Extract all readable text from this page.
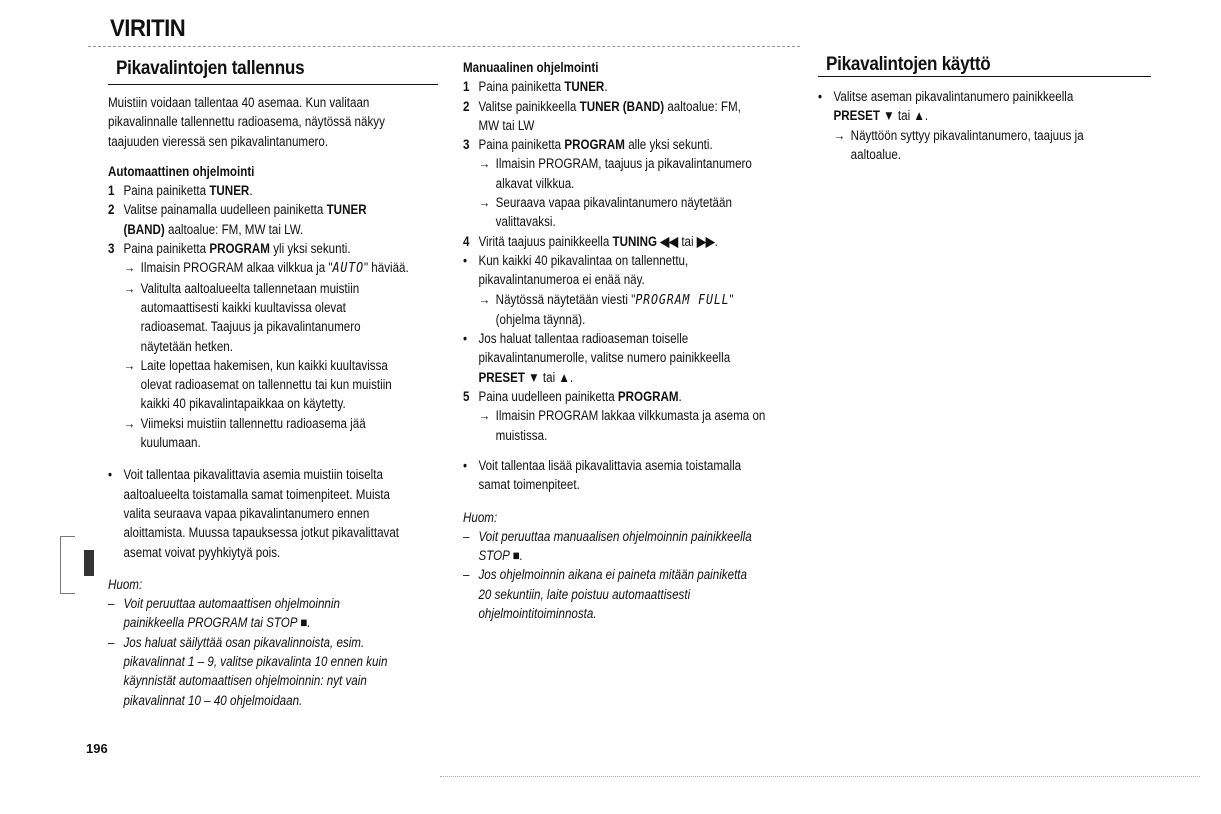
VIRITIN
Pikavalintojen tallennus

Muistiin voidaan tallentaa 40 asemaa. Kun valitaan

pikavalinnalle tallennettu radioasema, näytössä näkyy

taajuuden vieressä sen pikavalintanumero.

Automaattinen ohjelmointi

1 Paina painiketta TUNER.
2 Valitse painamalla uudelleen painiketta TUNER
(BAND) aaltoalue: FM, MW tai LW.
3 Paina painiketta PROGRAM yli yksi sekunti.
→ Ilmaisin PROGRAM alkaa vilkkua ja "AUTO" häviää.
→ Valitulta aaltoalueelta tallennetaan muistiin
automaattisesti kaikki kuultavissa olevat
radioasemat. Taajuus ja pikavalintanumero
näytetään hetken.
→ Laite lopettaa hakemisen, kun kaikki kuultavissa
olevat radioasemat on tallennettu tai kun muistiin
kaikki 40 pikavalintapaikkaa on käytetty.
→ Viimeksi muistiin tallennettu radioasema jää
kuulumaan.
• Voit tallentaa pikavalittavia asemia muistiin toiselta
aaltoalueelta toistamalla samat toimenpiteet. Muista
valita seuraava vapaa pikavalintanumero ennen
aloittamista. Muussa tapauksessa jotkut pikavalittavat
asemat voivat pyyhkiytyä pois.

Huom:

– Voit peruuttaa automaattisen ohjelmoinnin
painikkeella PROGRAM tai STOP ■.
– Jos haluat säilyttää osan pikavalinnoista, esim.
pikavalinnat 1 – 9, valitse pikavalinta 10 ennen kuin
käynnistät automaattisen ohjelmoinnin: nyt vain
pikavalinnat 10 – 40 ohjelmoidaan.

Manuaalinen ohjelmointi

1 Paina painiketta TUNER.
2 Valitse painikkeella TUNER (BAND) aaltoalue: FM,
MW tai LW
3 Paina painiketta PROGRAM alle yksi sekunti.
→ Ilmaisin PROGRAM, taajuus ja pikavalintanumero
alkavat vilkkua.
→ Seuraava vapaa pikavalintanumero näytetään
valittavaksi.
4 Viritä taajuus painikkeella TUNING ◀◀ tai ▶▶.
• Kun kaikki 40 pikavalintaa on tallennettu,
pikavalintanumeroa ei enää näy.
→ Näytössä näytetään viesti "PROGRAM FULL"
(ohjelma täynnä).
• Jos haluat tallentaa radioaseman toiselle
pikavalintanumerolle, valitse numero painikkeella
PRESET ▼ tai ▲.
5 Paina uudelleen painiketta PROGRAM.
→ Ilmaisin PROGRAM lakkaa vilkkumasta ja asema on
muistissa.
• Voit tallentaa lisää pikavalittavia asemia toistamalla
samat toimenpiteet.

Huom:

– Voit peruuttaa manuaalisen ohjelmoinnin painikkeella
STOP ■.
– Jos ohjelmoinnin aikana ei paineta mitään painiketta
20 sekuntiin, laite poistuu automaattisesti
ohjelmointitoiminnosta.
Pikavalintojen käyttö
• Valitse aseman pikavalintanumero painikkeella
PRESET ▼ tai ▲.
→ Näyttöön syttyy pikavalintanumero, taajuus ja
aaltoalue.
196
